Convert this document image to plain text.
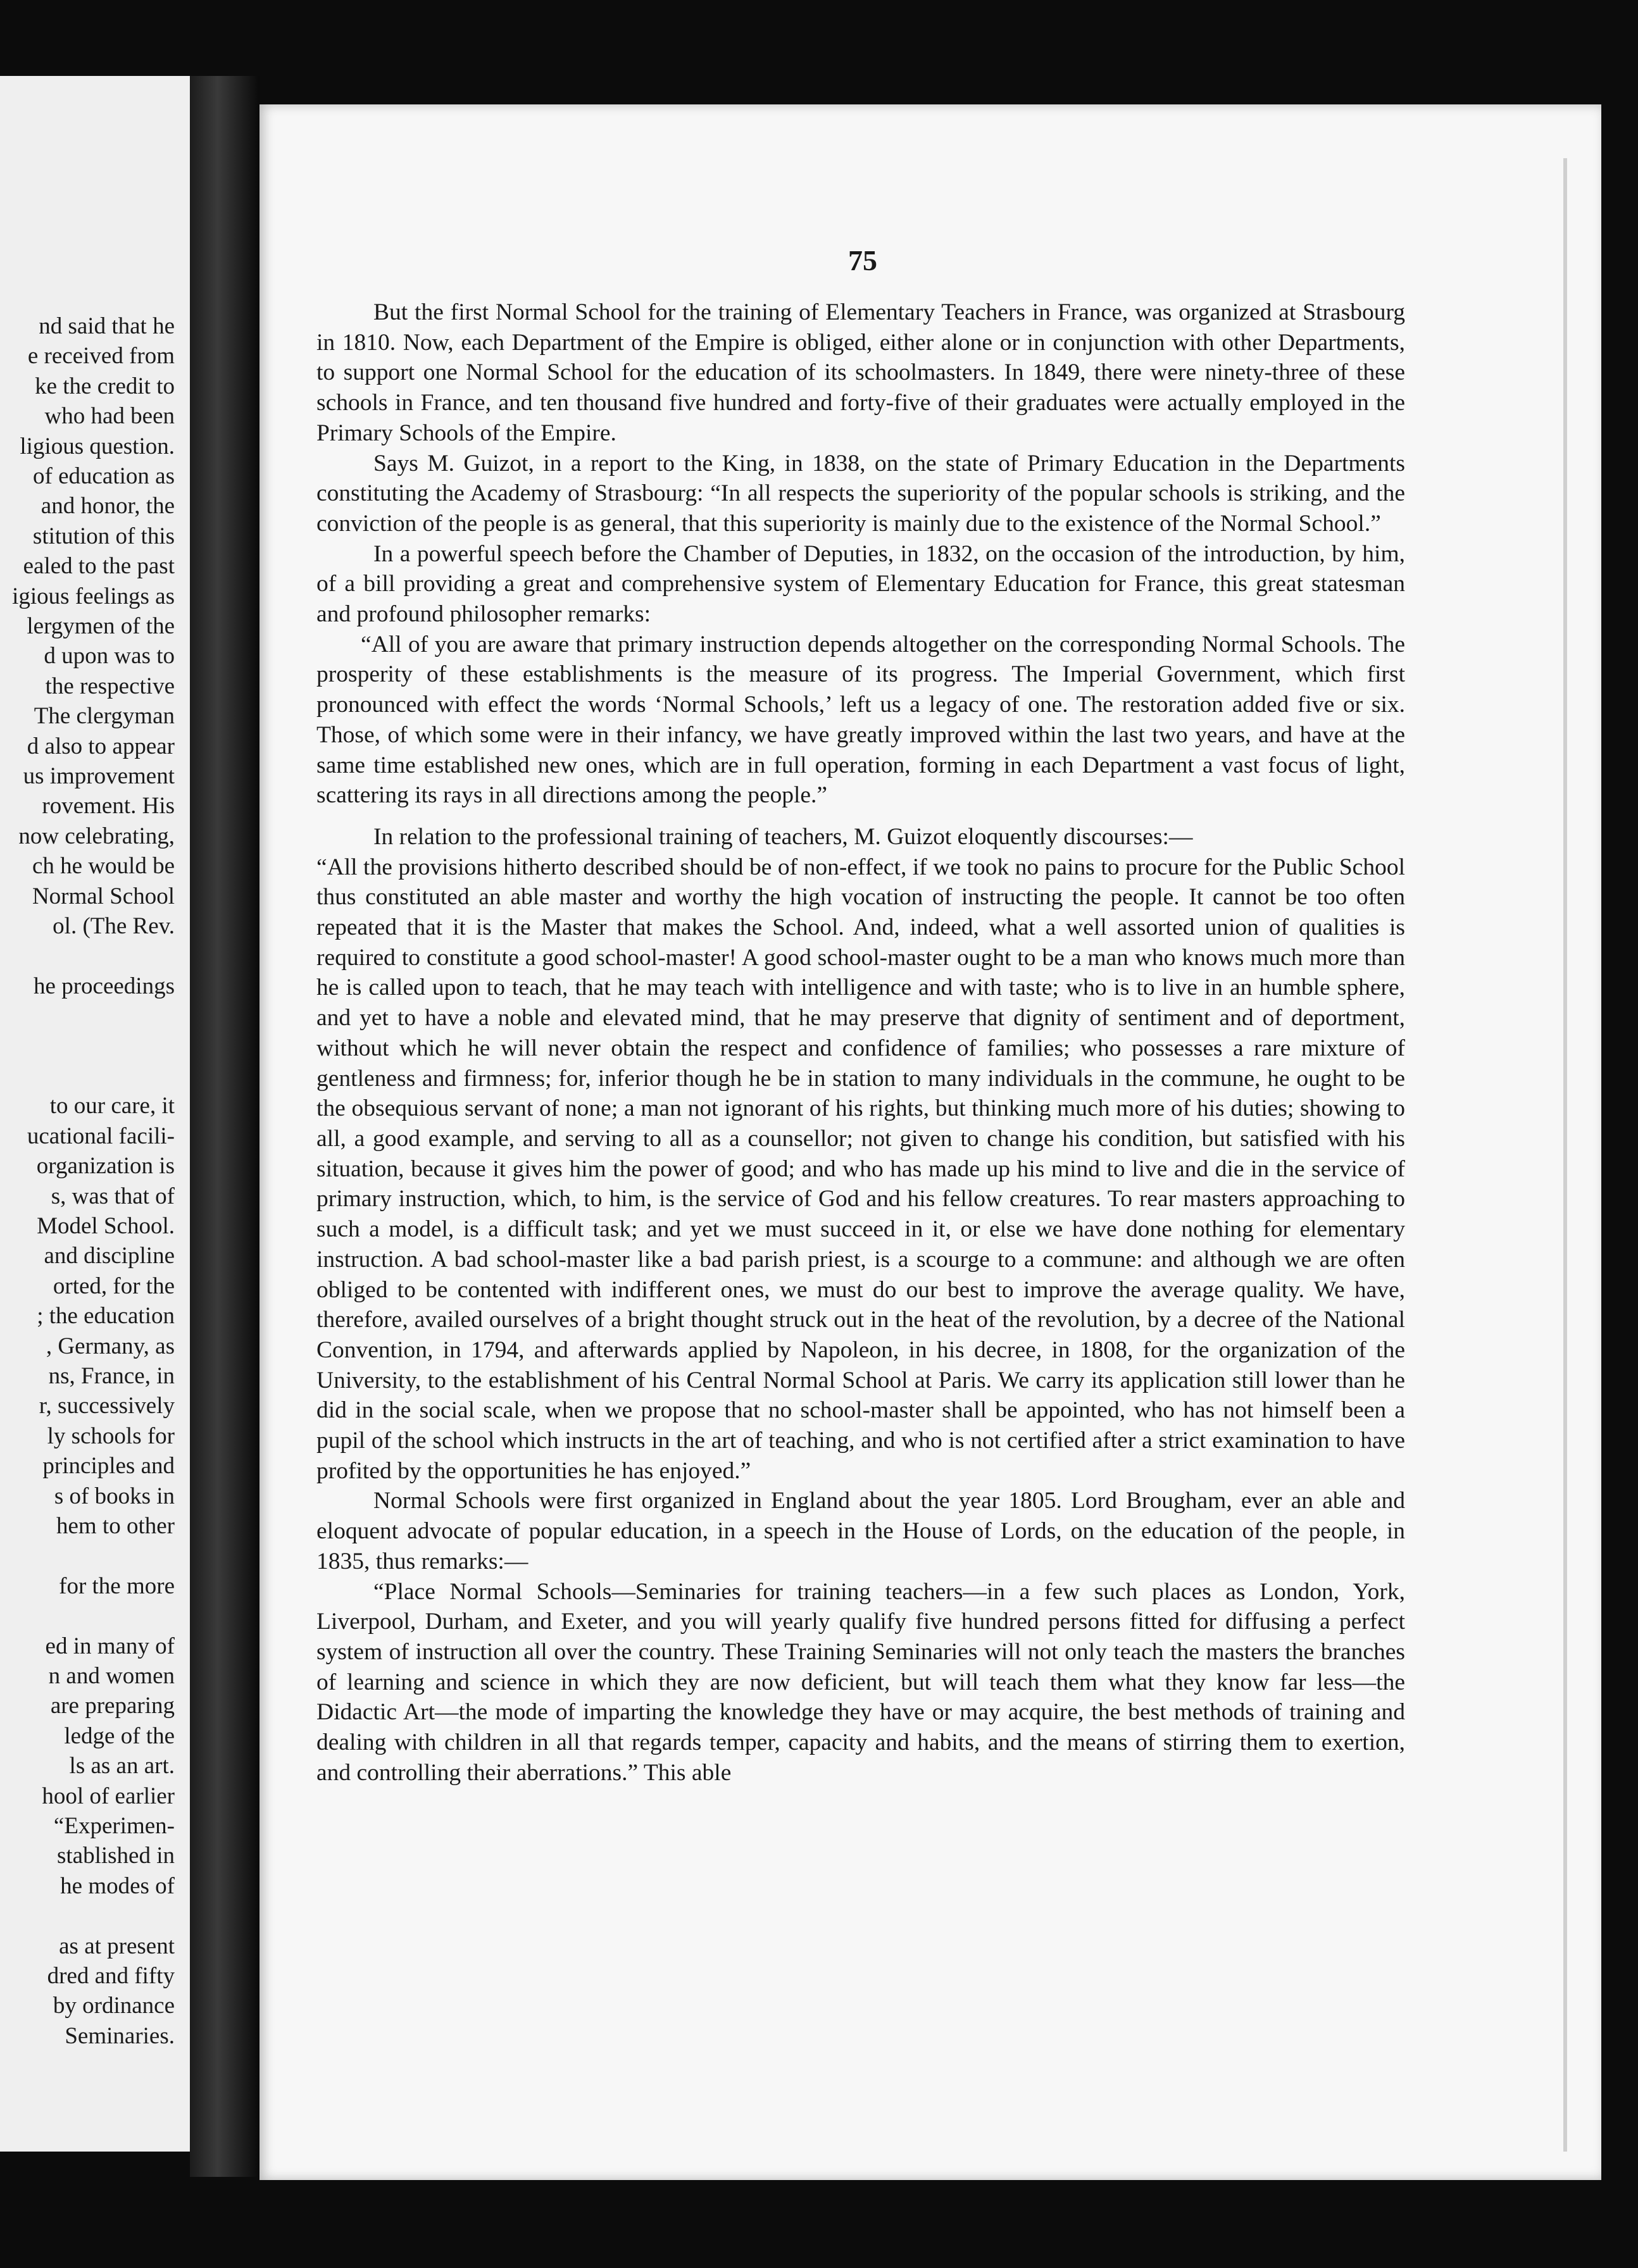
nd said that he
e received from
ke the credit to
who had been
ligious question.
of education as
and honor, the
stitution of this
ealed to the past
igious feelings as
lergymen of the
d upon was to
the respective
The clergyman
d also to appear
us improvement
rovement. His
now celebrating,
ch he would be
Normal School
ol. (The Rev.
he proceedings
to our care, it
ucational facili-
organization is
s, was that of
Model School.
and discipline
orted, for the
; the education
, Germany, as
ns, France, in
r, successively
ly schools for
principles and
s of books in
hem to other
for the more
ed in many of
n and women
are preparing
ledge of the
ls as an art.
hool of earlier
“Experimen-
stablished in
he modes of
as at present
dred and fifty
by ordinance
Seminaries.
75

But the first Normal School for the training of Elementary Teachers in France, was organized at Strasbourg in 1810. Now, each Department of the Empire is obliged, either alone or in conjunction with other Departments, to support one Normal School for the education of its schoolmasters. In 1849, there were ninety-three of these schools in France, and ten thousand five hundred and forty-five of their graduates were actually employed in the Primary Schools of the Empire.

Says M. Guizot, in a report to the King, in 1838, on the state of Primary Education in the Departments constituting the Academy of Strasbourg: “In all respects the superiority of the popular schools is striking, and the conviction of the people is as general, that this superiority is mainly due to the existence of the Normal School.”

In a powerful speech before the Chamber of Deputies, in 1832, on the occasion of the introduction, by him, of a bill providing a great and comprehensive system of Elementary Education for France, this great statesman and profound philosopher remarks:

“All of you are aware that primary instruction depends altogether on the corresponding Normal Schools. The prosperity of these establishments is the measure of its progress. The Imperial Government, which first pronounced with effect the words ‘Normal Schools,’ left us a legacy of one. The restoration added five or six. Those, of which some were in their infancy, we have greatly improved within the last two years, and have at the same time established new ones, which are in full operation, forming in each Department a vast focus of light, scattering its rays in all directions among the people.”

In relation to the professional training of teachers, M. Guizot eloquently discourses:—

“All the provisions hitherto described should be of non-effect, if we took no pains to procure for the Public School thus constituted an able master and worthy the high vocation of instructing the people. It cannot be too often repeated that it is the Master that makes the School. And, indeed, what a well assorted union of qualities is required to constitute a good school-master! A good school-master ought to be a man who knows much more than he is called upon to teach, that he may teach with intelligence and with taste; who is to live in an humble sphere, and yet to have a noble and elevated mind, that he may preserve that dignity of sentiment and of deportment, without which he will never obtain the respect and confidence of families; who possesses a rare mixture of gentleness and firmness; for, inferior though he be in station to many individuals in the commune, he ought to be the obsequious servant of none; a man not ignorant of his rights, but thinking much more of his duties; showing to all, a good example, and serving to all as a counsellor; not given to change his condition, but satisfied with his situation, because it gives him the power of good; and who has made up his mind to live and die in the service of primary instruction, which, to him, is the service of God and his fellow creatures. To rear masters approaching to such a model, is a difficult task; and yet we must succeed in it, or else we have done nothing for elementary instruction. A bad school-master like a bad parish priest, is a scourge to a commune: and although we are often obliged to be contented with indifferent ones, we must do our best to improve the average quality. We have, therefore, availed ourselves of a bright thought struck out in the heat of the revolution, by a decree of the National Convention, in 1794, and afterwards applied by Napoleon, in his decree, in 1808, for the organization of the University, to the establishment of his Central Normal School at Paris. We carry its application still lower than he did in the social scale, when we propose that no school-master shall be appointed, who has not himself been a pupil of the school which instructs in the art of teaching, and who is not certified after a strict examination to have profited by the opportunities he has enjoyed.”

Normal Schools were first organized in England about the year 1805. Lord Brougham, ever an able and eloquent advocate of popular education, in a speech in the House of Lords, on the education of the people, in 1835, thus remarks:—

“Place Normal Schools—Seminaries for training teachers—in a few such places as London, York, Liverpool, Durham, and Exeter, and you will yearly qualify five hundred persons fitted for diffusing a perfect system of instruction all over the country. These Training Seminaries will not only teach the masters the branches of learning and science in which they are now deficient, but will teach them what they know far less—the Didactic Art—the mode of imparting the knowledge they have or may acquire, the best methods of training and dealing with children in all that regards temper, capacity and habits, and the means of stirring them to exertion, and controlling their aberrations.” This able
